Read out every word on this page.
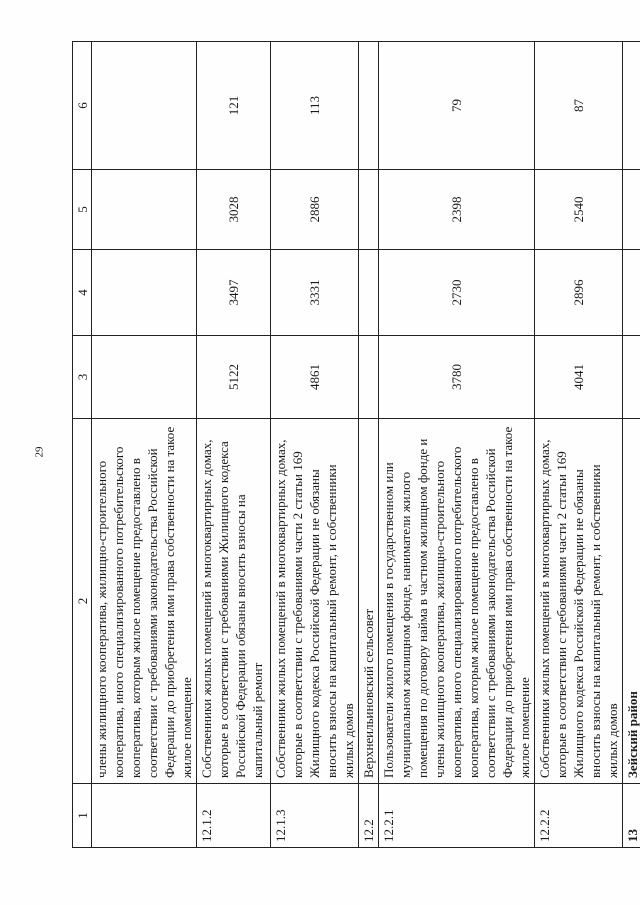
29
1	2	3	4	5	6
	члены жилищного кооператива, жилищно-строительного кооператива, иного специализированного потребительского кооператива, которым жилое помещение предоставлено в соответствии с требованиями законодательства Российской Федерации до приобретения ими права собственности на такое жилое помещение				
12.1.2	Собственники жилых помещений в многоквартирных домах, которые в соответствии с требованиями Жилищного кодекса Российской Федерации обязаны вносить взносы на капитальный ремонт	5122	3497	3028	121
12.1.3	Собственники жилых помещений в многоквартирных домах, которые в соответствии с требованиями части 2 статьи 169 Жилищного кодекса Российской Федерации не обязаны вносить взносы на капитальный ремонт, и собственники жилых домов	4861	3331	2886	113
12.2	Верхнеильиновский сельсовет				
12.2.1	Пользователи жилого помещения в государственном или муниципальном жилищном фонде, наниматели жилого помещения по договору найма в частном жилищном фонде и члены жилищного кооператива, жилищно-строительного кооператива, иного специализированного потребительского кооператива, которым жилое помещение предоставлено в соответствии с требованиями законодательства Российской Федерации до приобретения ими права собственности на такое жилое помещение	3780	2730	2398	79
12.2.2	Собственники жилых помещений в многоквартирных домах, которые в соответствии с требованиями части 2 статьи 169 Жилищного кодекса Российской Федерации не обязаны вносить взносы на капитальный ремонт, и собственники жилых домов	4041	2896	2540	87
13	Зейский район				
